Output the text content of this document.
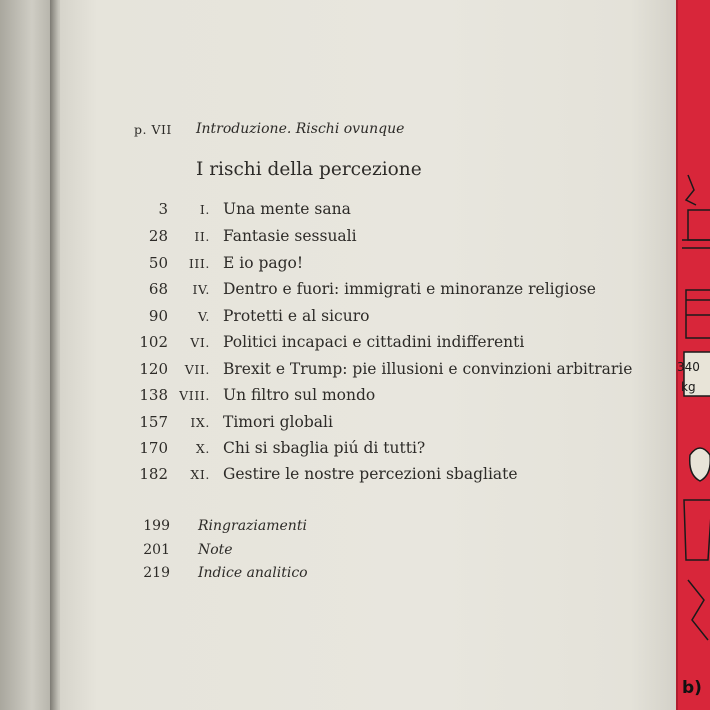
340
kg
b)
p. VII Introduzione. Rischi ovunque
I rischi della percezione
3	I. Una mente sana
28	II. Fantasie sessuali
50	III. E io pago!
68	IV. Dentro e fuori: immigrati e minoranze religiose
90	V. Protetti e al sicuro
102	VI. Politici incapaci e cittadini indifferenti
120	VII. Brexit e Trump: pie illusioni e convinzioni arbitrarie
138 VIII. Un filtro sul mondo
157	IX. Timori globali
170	X. Chi si sbaglia piú di tutti?
182	XI. Gestire le nostre percezioni sbagliate
199 Ringraziamenti
201 Note
219 Indice analitico
